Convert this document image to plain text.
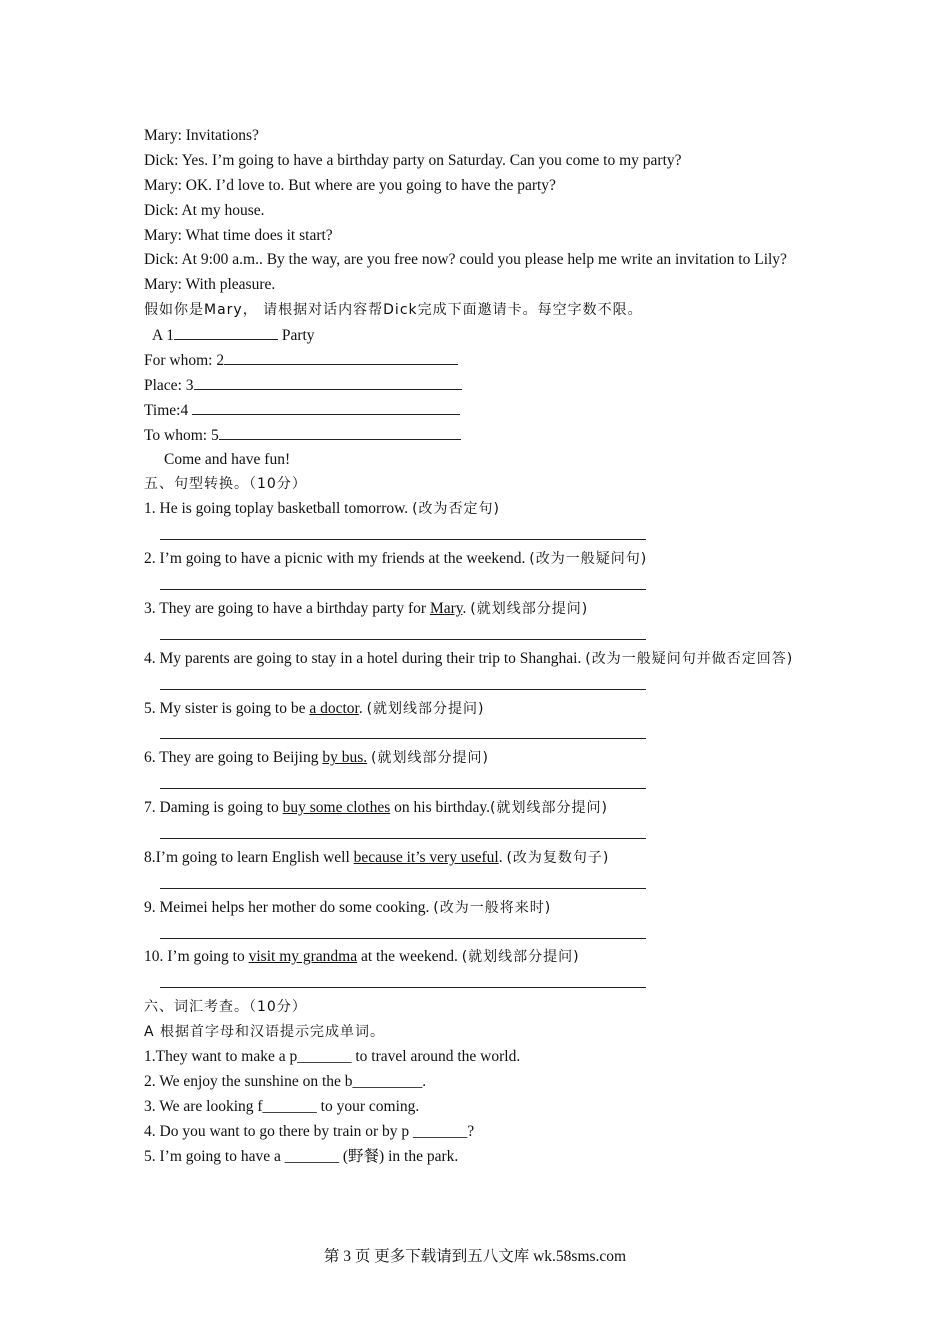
Mary: Invitations?
Dick: Yes. I’m going to have a birthday party on Saturday. Can you come to my party?
Mary: OK. I’d love to. But where are you going to have the party?
Dick: At my house.
Mary: What time does it start?
Dick: At 9:00 a.m.. By the way, are you free now? could you please help me write an invitation to Lily?
Mary: With pleasure.
假如你是Mary， 请根据对话内容帮Dick完成下面邀请卡。每空字数不限。
A 1	Party
For whom: 2
Place: 3
Time:4
To whom: 5
Come and have fun!
五、句型转换。（10分）
1. He is going toplay basketball tomorrow. (改为否定句)
2. I’m going to have a picnic with my friends at the weekend. (改为一般疑问句)
3. They are going to have a birthday party for Mary. (就划线部分提问)
4. My parents are going to stay in a hotel during their trip to Shanghai. (改为一般疑问句并做否定回答)
5. My sister is going to be a doctor. (就划线部分提问)
6. They are going to Beijing by bus. (就划线部分提问)
7. Daming is going to buy some clothes on his birthday.(就划线部分提问)
8.I’m going to learn English well because it’s very useful. (改为复数句子)
9. Meimei helps her mother do some cooking. (改为一般将来时)
10. I’m going to visit my grandma at the weekend. (就划线部分提问)
六、词汇考查。（10分）
A 根据首字母和汉语提示完成单词。
1.They want to make a p_______ to travel around the world.
2. We enjoy the sunshine on the b_________.
3. We are looking f_______ to your coming.
4. Do you want to go there by train or by p _______?
5. I’m going to have a _______ (野餐) in the park.
第 3 页 更多下载请到五八文库 wk.58sms.com
